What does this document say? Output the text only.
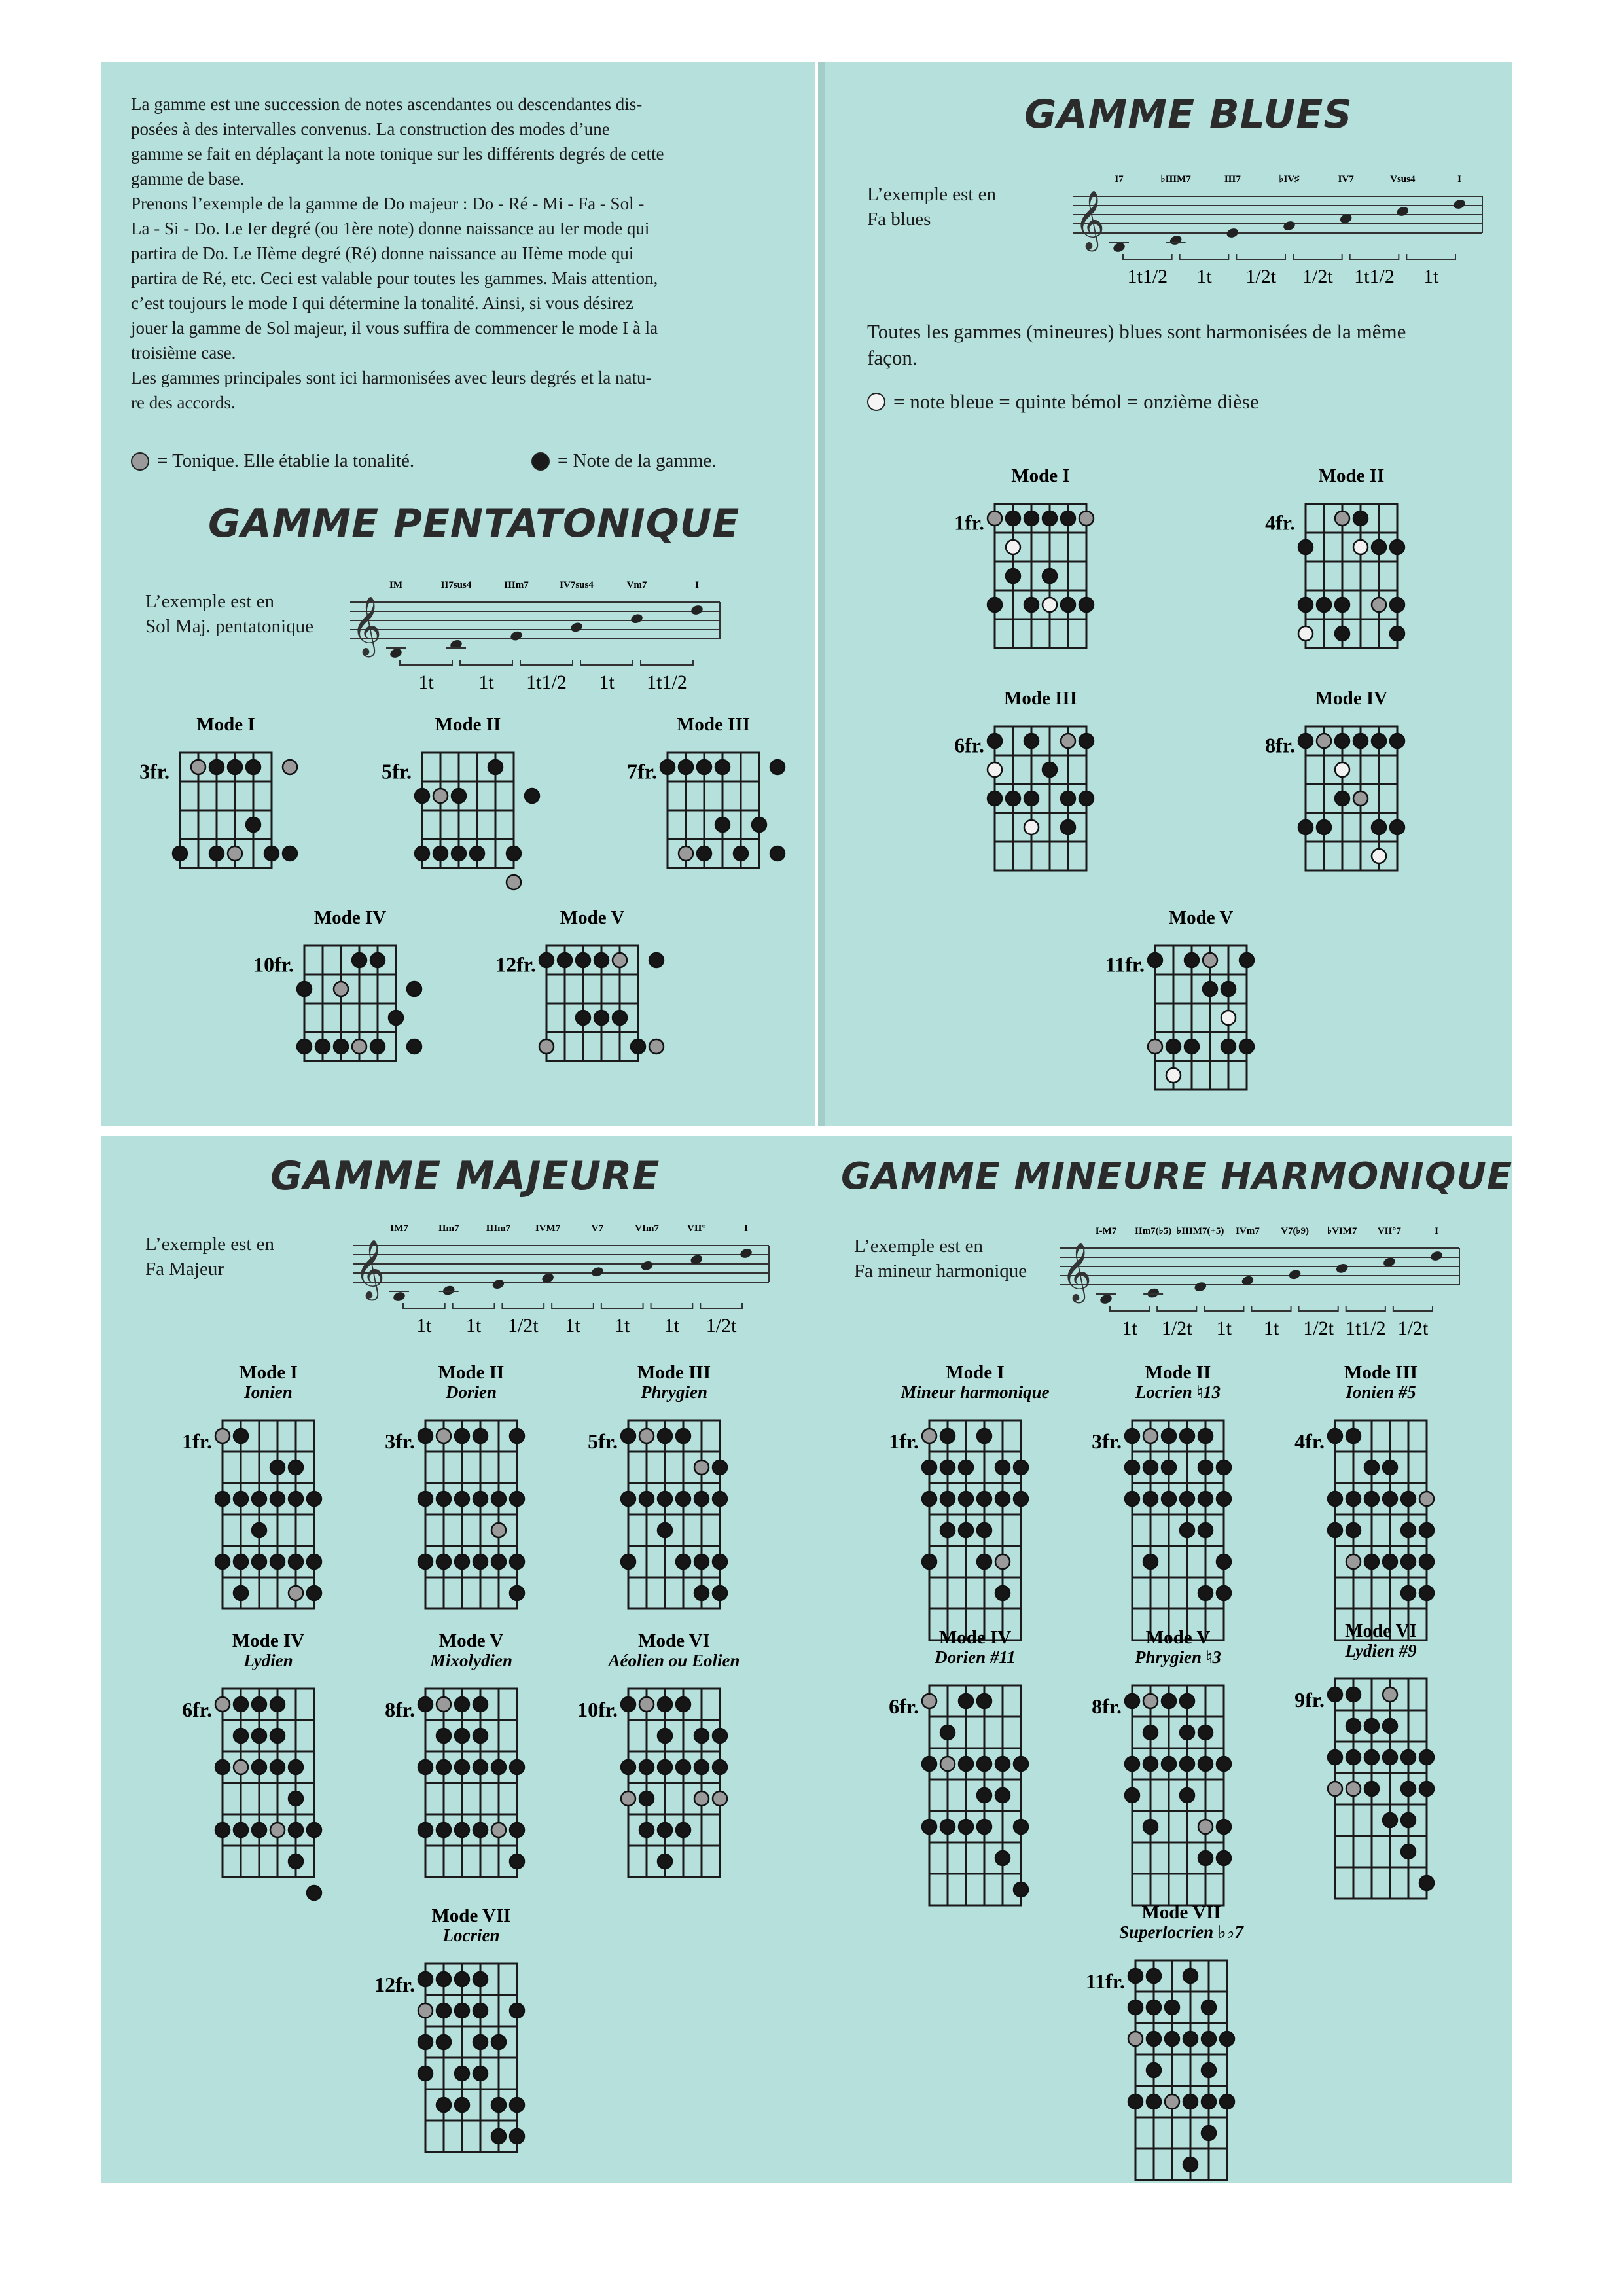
La gamme est une succession de notes ascendantes ou descendantes dis-

posées à des intervalles convenus. La construction des modes d’une

gamme se fait en déplaçant la note tonique sur les différents degrés de cette

gamme de base.

Prenons l’exemple de la gamme de Do majeur : Do - Ré - Mi - Fa - Sol -

La - Si - Do. Le Ier degré (ou 1ère note) donne naissance au Ier mode qui

partira de Do. Le IIème degré (Ré) donne naissance au IIème mode qui

partira de Ré, etc. Ceci est valable pour toutes les gammes. Mais attention,

c’est toujours le mode I qui détermine la tonalité. Ainsi, si vous désirez

jouer la gamme de Sol majeur, il vous suffira de commencer le mode I à la

troisième case.

Les gammes principales sont ici harmonisées avec leurs degrés et la natu-

re des accords.

= Tonique. Elle établie la tonalité.	= Note de la gamme.
GAMME PENTATONIQUE
GAMME BLUES
GAMME MAJEURE	GAMME MINEURE HARMONIQUE
L’exemple est en
Sol Maj. pentatonique
L’exemple est en
Fa blues
L’exemple est en
Fa Majeur
L’exemple est en
Fa mineur harmonique
Toutes les gammes (mineures) blues sont harmonisées de la même
façon.
= note bleue = quinte bémol = onzième dièse
𝄞
IM	II7sus4	IIIm7	IV7sus4	Vm7	I
1t 1t 1t1/2 1t 1t1/2
𝄞
I7	♭IIIM7	III7	♭IV♯	IV7	Vsus4	I
1t1/2 1t 1/2t 1/2t 1t1/2 1t
𝄞
IM7	IIm7	IIIm7	IVM7	V7	VIm7	VII°	I
1t 1t 1/2t 1t 1t 1t 1/2t
𝄞
I-M7 IIm7(♭5) ♭IIIM7(+5) IVm7 V7(♭9) ♭VIM7 VII°7	I
1t 1/2t 1t 1t 1/2t 1t1/2 1/2t
Mode I
3fr.
Mode II
5fr.
Mode III
7fr.
Mode IV
10fr.
Mode V
12fr.
Mode I
1fr.
Mode II
4fr.
Mode III
6fr.
Mode IV
8fr.
Mode V
11fr.
Mode I
Ionien
1fr.
Mode II
Dorien
3fr.
Mode III
Phrygien
5fr.
Mode IV
Lydien
6fr.
Mode V
Mixolydien
8fr.
Mode VI
Aéolien ou Eolien
10fr.
Mode VII
Locrien
12fr.
Mode I
Mineur harmonique
1fr.
Mode II
Locrien ♮13
3fr.
Mode III
Ionien #5
4fr.
Mode IV
Dorien #11
6fr.
Mode V
Phrygien ♮3
8fr.
Mode VI
Lydien #9
9fr.
Mode VII
Superlocrien ♭♭7
11fr.
